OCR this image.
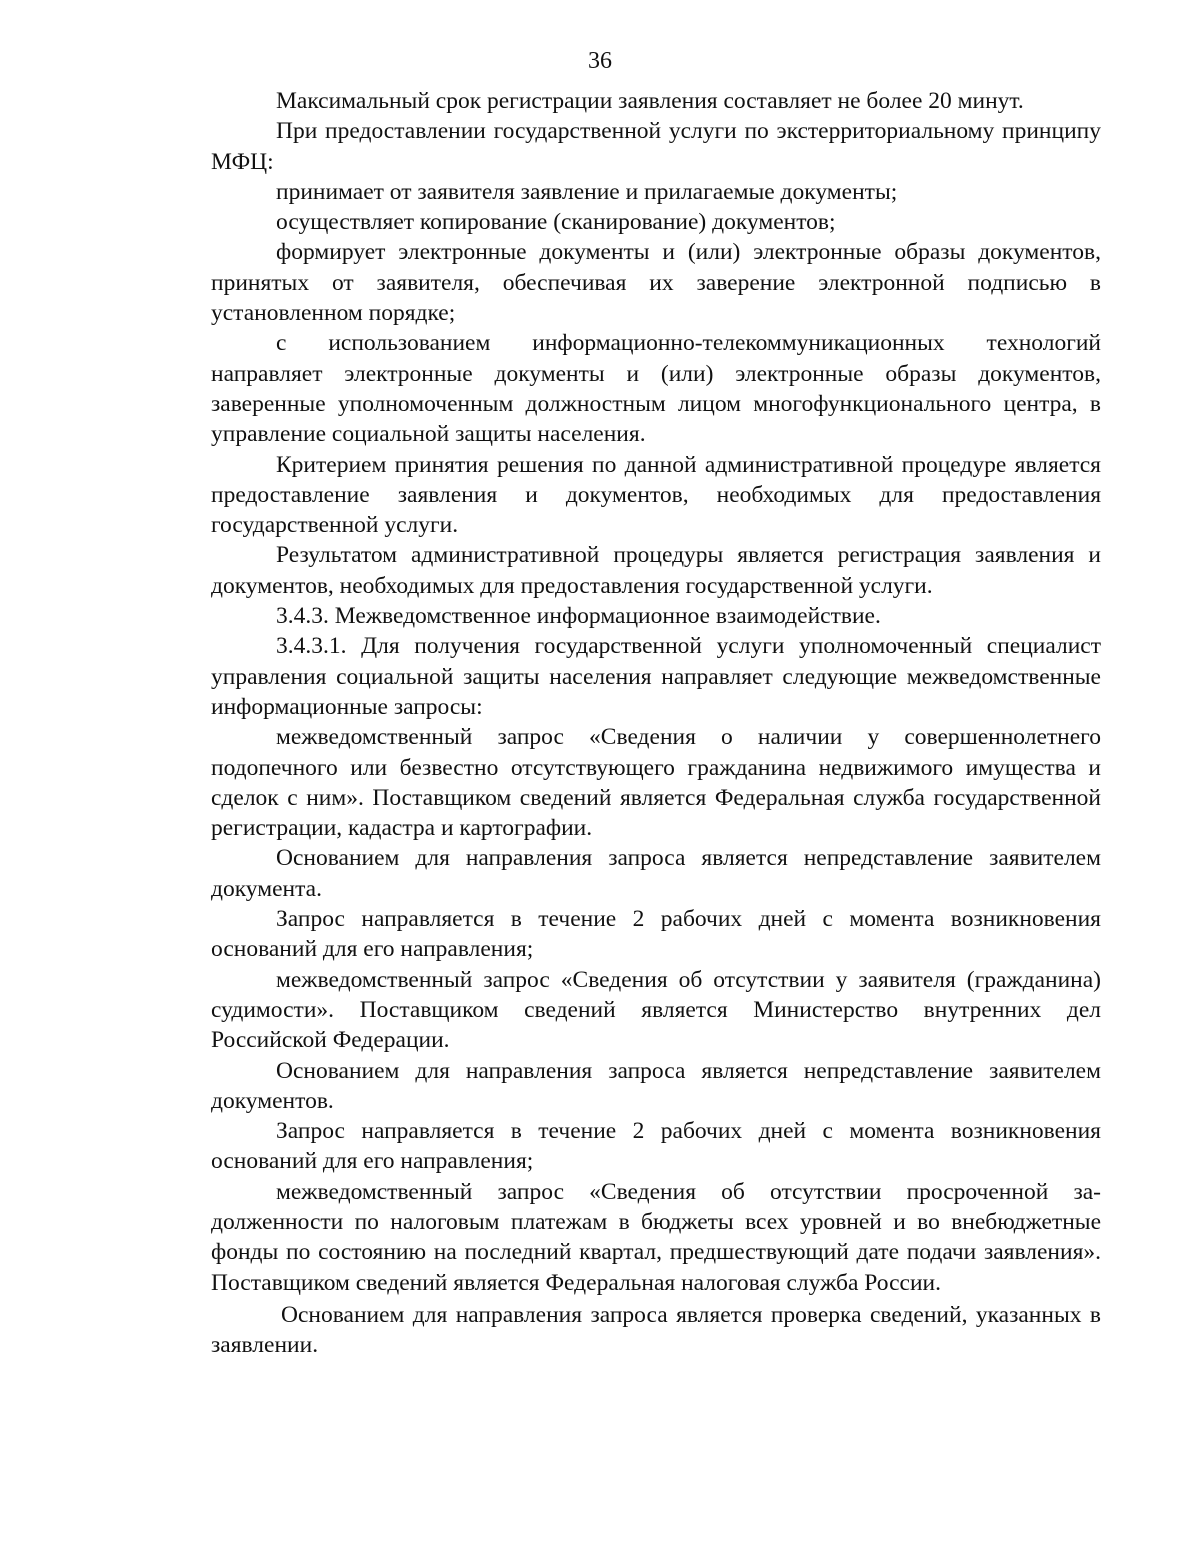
36

Максимальный срок регистрации заявления составляет не более 20 минут.

При предоставлении государственной услуги по экстерриториальному принципу МФЦ:

принимает от заявителя заявление и прилагаемые документы;

осуществляет копирование (сканирование) документов;

формирует электронные документы и (или) электронные образы документов, принятых от заявителя, обеспечивая их заверение электронной подписью в установленном порядке;

с использованием информационно-телекоммуникационных технологий направляет электронные документы и (или) электронные образы документов, заверенные уполномоченным должностным лицом многофункционального центра, в управление социальной защиты населения.

Критерием принятия решения по данной административной процедуре является предоставление заявления и документов, необходимых для предоставления государственной услуги.

Результатом административной процедуры является регистрация заявления и документов, необходимых для предоставления государственной услуги.

3.4.3. Межведомственное информационное взаимодействие.

3.4.3.1. Для получения государственной услуги уполномоченный специалист управления социальной защиты населения направляет следующие межведомственные информационные запросы:

межведомственный запрос «Сведения о наличии у совершеннолетнего подопечного или безвестно отсутствующего гражданина недвижимого имущества и сделок с ним». Поставщиком сведений является Федеральная служба государственной регистрации, кадастра и картографии.

Основанием для направления запроса является непредставление заявителем документа.

Запрос направляется в течение 2 рабочих дней с момента возникновения оснований для его направления;

межведомственный запрос «Сведения об отсутствии у заявителя (гражданина) судимости». Поставщиком сведений является Министерство внутренних дел Российской Федерации.

Основанием для направления запроса является непредставление заявителем документов.

Запрос направляется в течение 2 рабочих дней с момента возникновения оснований для его направления;

межведомственный запрос «Сведения об отсутствии просроченной задолженности по налоговым платежам в бюджеты всех уровней и во внебюджетные фонды по состоянию на последний квартал, предшествующий дате подачи заявления». Поставщиком сведений является Федеральная налоговая служба России.

Основанием для направления запроса является проверка сведений, указанных в заявлении.
